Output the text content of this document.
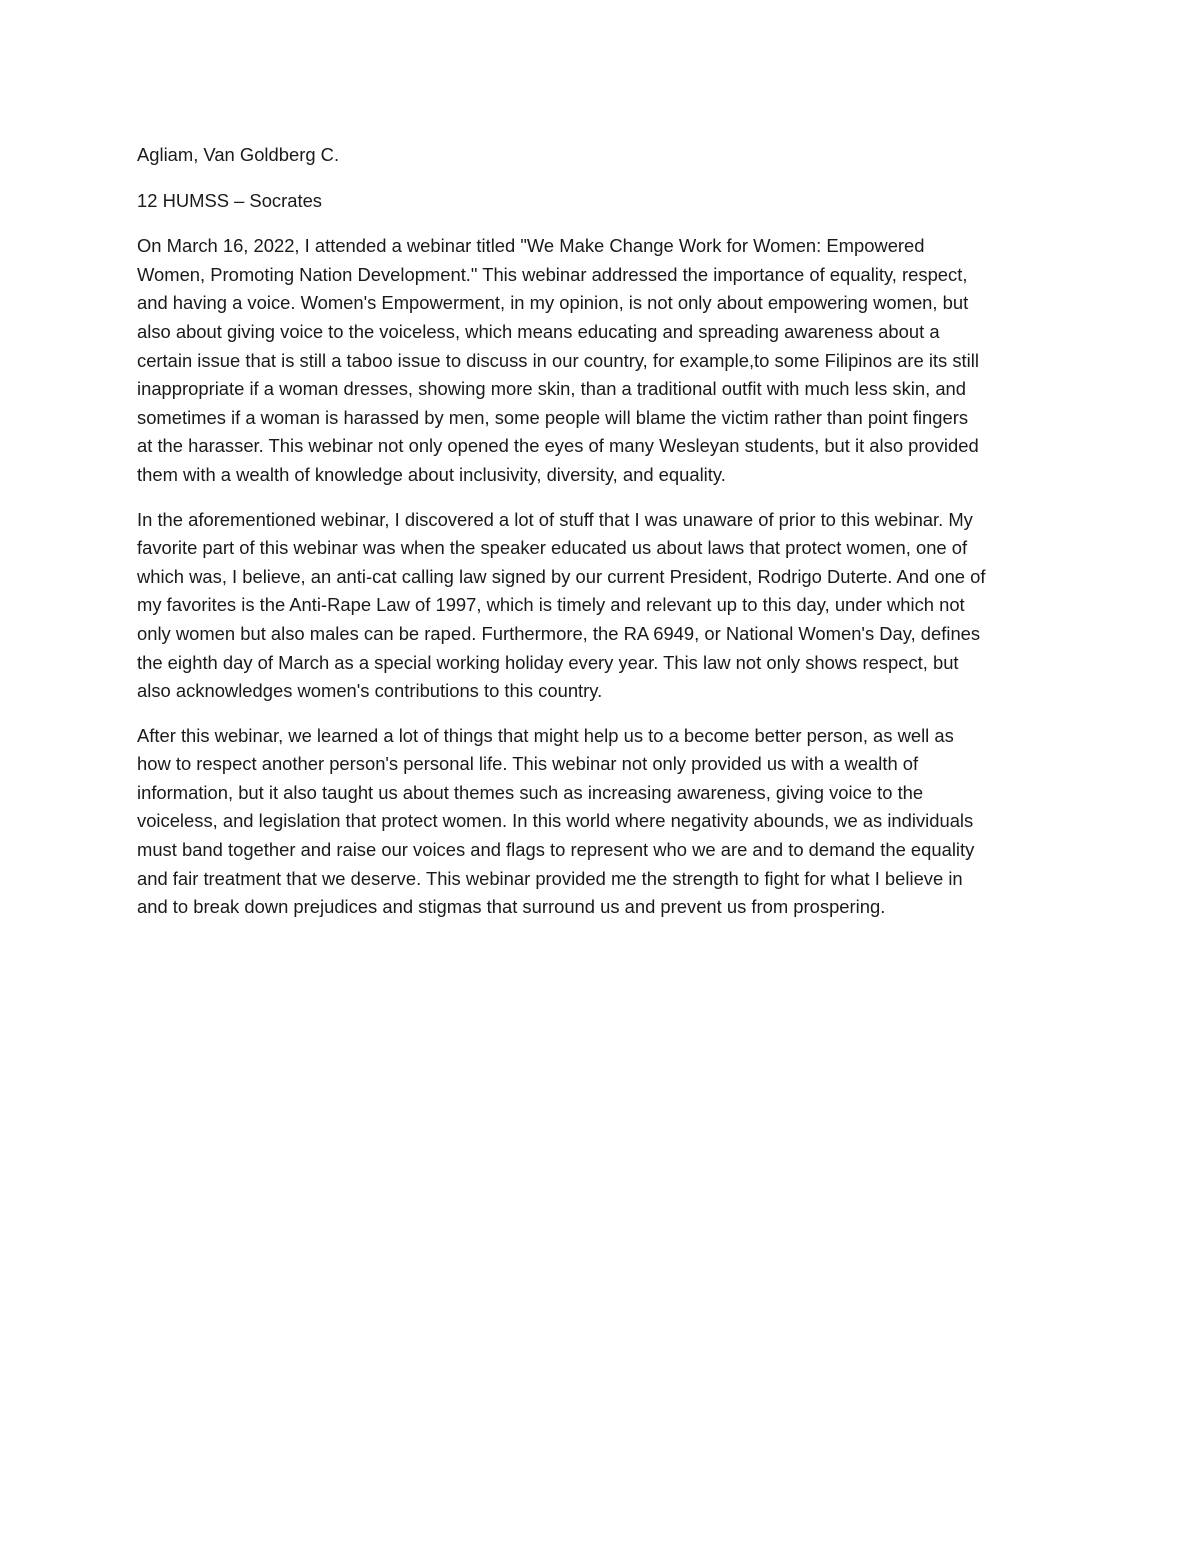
Agliam, Van Goldberg C.

12 HUMSS – Socrates

On March 16, 2022, I attended a webinar titled "We Make Change Work for Women: Empowered
Women, Promoting Nation Development." This webinar addressed the importance of equality, respect,
and having a voice. Women's Empowerment, in my opinion, is not only about empowering women, but
also about giving voice to the voiceless, which means educating and spreading awareness about a
certain issue that is still a taboo issue to discuss in our country, for example,to some Filipinos are its still
inappropriate if a woman dresses, showing more skin, than a traditional outfit with much less skin, and
sometimes if a woman is harassed by men, some people will blame the victim rather than point fingers
at the harasser. This webinar not only opened the eyes of many Wesleyan students, but it also provided
them with a wealth of knowledge about inclusivity, diversity, and equality.

In the aforementioned webinar, I discovered a lot of stuff that I was unaware of prior to this webinar. My
favorite part of this webinar was when the speaker educated us about laws that protect women, one of
which was, I believe, an anti-cat calling law signed by our current President, Rodrigo Duterte. And one of
my favorites is the Anti-Rape Law of 1997, which is timely and relevant up to this day, under which not
only women but also males can be raped. Furthermore, the RA 6949, or National Women's Day, defines
the eighth day of March as a special working holiday every year. This law not only shows respect, but
also acknowledges women's contributions to this country.

After this webinar, we learned a lot of things that might help us to a become better person, as well as
how to respect another person's personal life. This webinar not only provided us with a wealth of
information, but it also taught us about themes such as increasing awareness, giving voice to the
voiceless, and legislation that protect women. In this world where negativity abounds, we as individuals
must band together and raise our voices and flags to represent who we are and to demand the equality
and fair treatment that we deserve. This webinar provided me the strength to fight for what I believe in
and to break down prejudices and stigmas that surround us and prevent us from prospering.
